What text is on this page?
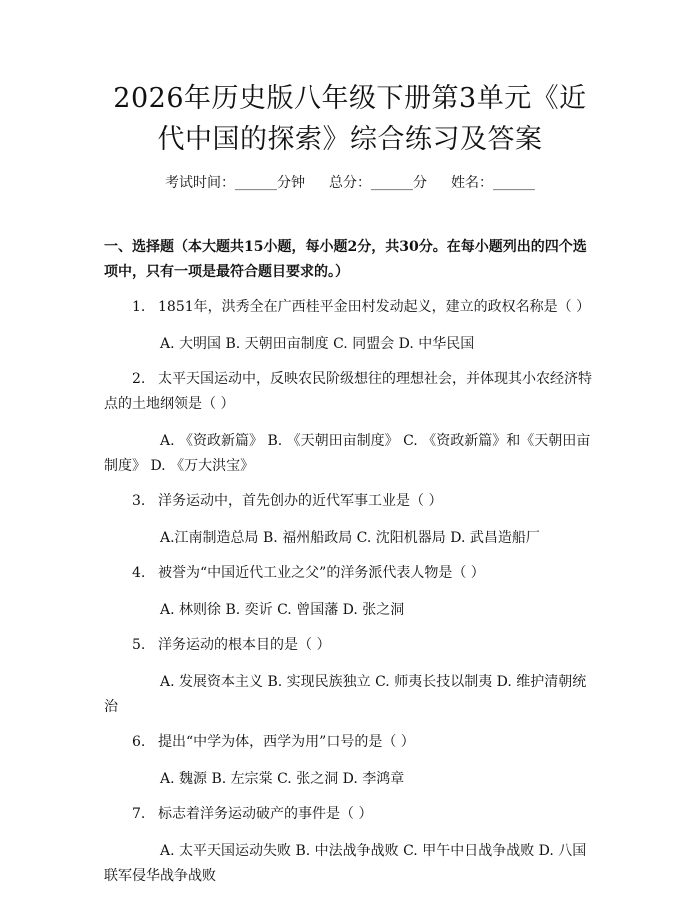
2026年历史版八年级下册第3单元《近代中国的探索》综合练习及答案
考试时间：______分钟 总分：______分 姓名：______
一、选择题（本大题共15小题，每小题2分，共30分。在每小题列出的四个选项中，只有一项是最符合题目要求的。）
1. 1851年，洪秀全在广西桂平金田村发动起义，建立的政权名称是（ ）
A. 大明国 B. 天朝田亩制度 C. 同盟会 D. 中华民国
2. 太平天国运动中，反映农民阶级想往的理想社会，并体现其小农经济特点的土地纲领是（ ）
A. 《资政新篇》 B. 《天朝田亩制度》 C. 《资政新篇》和《天朝田亩制度》 D. 《万大洪宝》
3. 洋务运动中，首先创办的近代军事工业是（ ）
A.江南制造总局 B. 福州船政局 C. 沈阳机器局 D. 武昌造船厂
4. 被誉为“中国近代工业之父”的洋务派代表人物是（ ）
A. 林则徐 B. 奕䜣 C. 曾国藩 D. 张之洞
5. 洋务运动的根本目的是（ ）
A. 发展资本主义 B. 实现民族独立 C. 师夷长技以制夷 D. 维护清朝统治
6. 提出“中学为体，西学为用”口号的是（ ）
A. 魏源 B. 左宗棠 C. 张之洞 D. 李鸿章
7. 标志着洋务运动破产的事件是（ ）
A. 太平天国运动失败 B. 中法战争战败 C. 甲午中日战争战败 D. 八国联军侵华战争战败
